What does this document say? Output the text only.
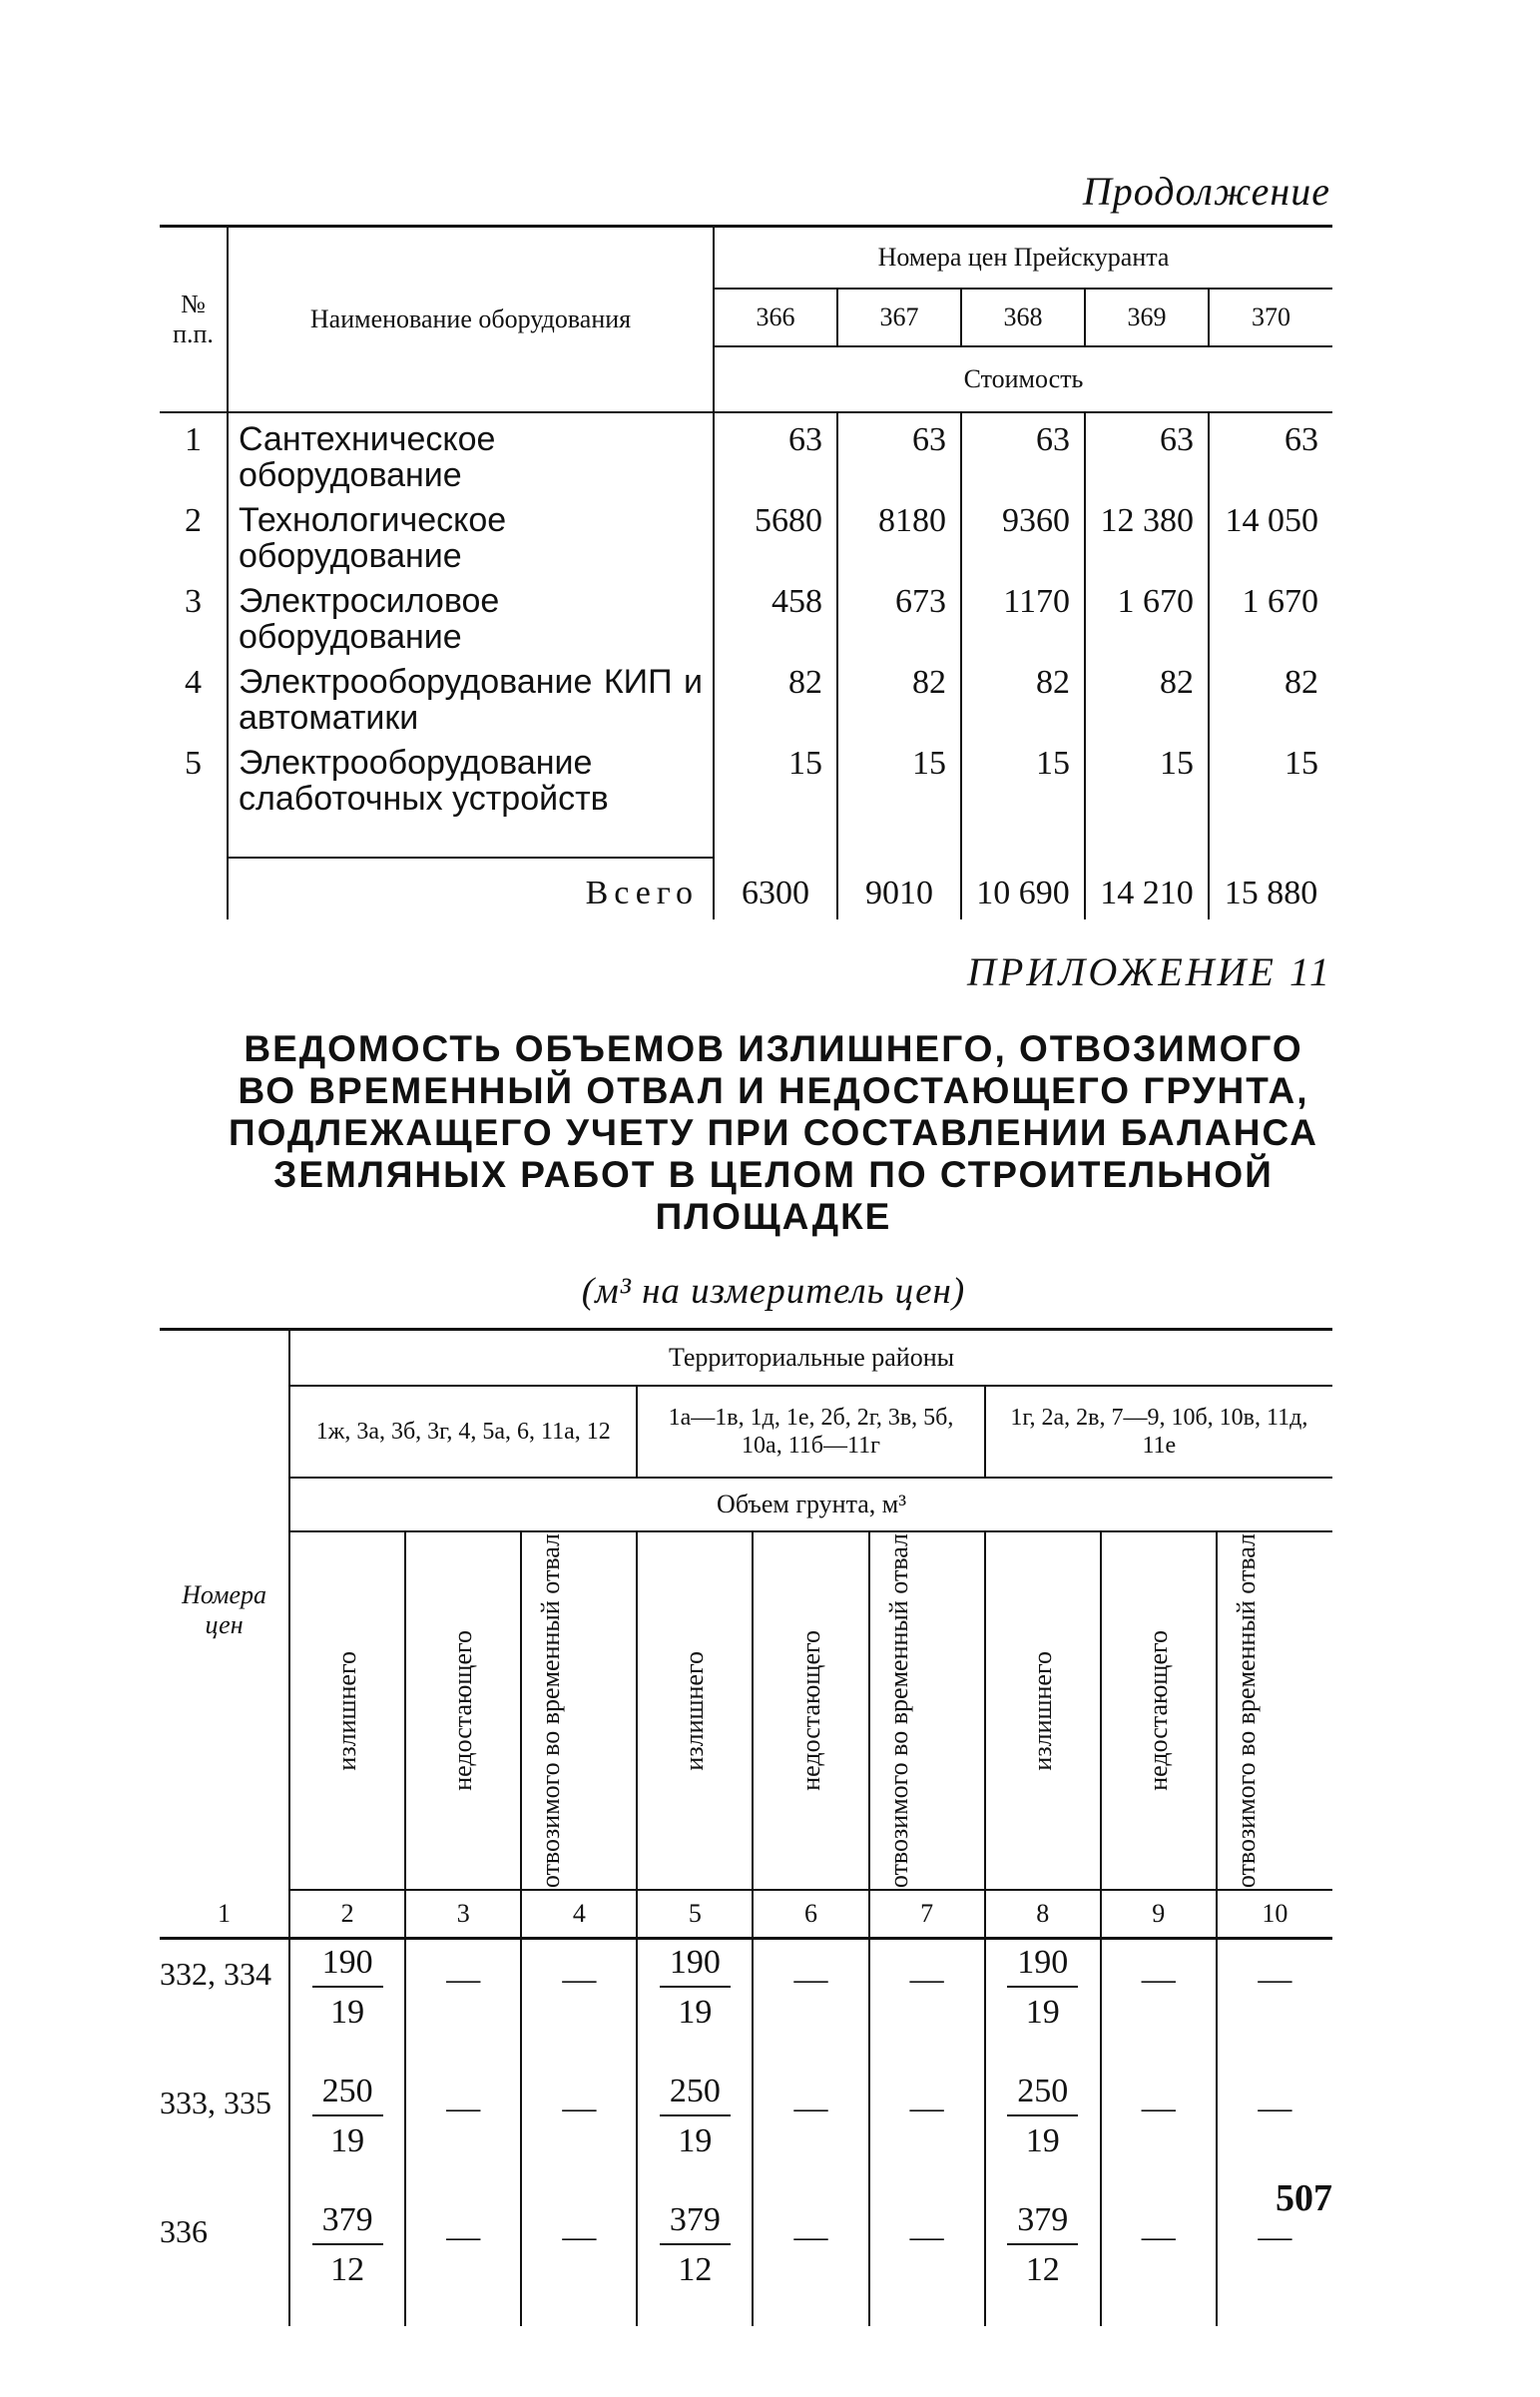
Продолжение
№ п.п.	Наименование оборудования	Номера цен Прейскуранта				
		366	367	368	369	370
		Стоимость				
1	Сантехническое оборудование	63	63	63	63	63
2	Технологическое оборудование	5680	8180	9360	12 380	14 050
3	Электросиловое оборудование	458	673	1170	1 670	1 670
4	Электрооборудование КИП и автоматики	82	82	82	82	82
5	Электрооборудование слаботочных устройств	15	15	15	15	15
	Всего	6300	9010	10 690	14 210	15 880
ПРИЛОЖЕНИЕ 11
ВЕДОМОСТЬ ОБЪЕМОВ ИЗЛИШНЕГО, ОТВОЗИМОГО
ВО ВРЕМЕННЫЙ ОТВАЛ И НЕДОСТАЮЩЕГО ГРУНТА,
ПОДЛЕЖАЩЕГО УЧЕТУ ПРИ СОСТАВЛЕНИИ БАЛАНСА
ЗЕМЛЯНЫХ РАБОТ В ЦЕЛОМ ПО СТРОИТЕЛЬНОЙ
ПЛОЩАДКЕ
(м³ на измеритель цен)
Номера цен	Территориальные районы								
	1ж, 3а, 3б, 3г, 4, 5а, 6, 11а, 12			1а—1в, 1д, 1е, 2б, 2г, 3в, 5б, 10а, 11б—11г			1г, 2а, 2в, 7—9, 10б, 10в, 11д, 11е		
	Объем грунта, м³								

	излишнего	недостающего	отвозимого во временный отвал	излишнего	недостающего	отвозимого во временный отвал	излишнего	недостающего	отвозимого во временный отвал

1	2	3	4	5	6	7	8	9	10
332, 334	$\frac{190}{19}$	—	—	$\frac{190}{19}$	—	—	$\frac{190}{19}$	—	—
333, 335	$\frac{250}{19}$	—	—	$\frac{250}{19}$	—	—	$\frac{250}{19}$	—	—
336	$\frac{379}{12}$	—	—	$\frac{379}{12}$	—	—	$\frac{379}{12}$	—	—
507
